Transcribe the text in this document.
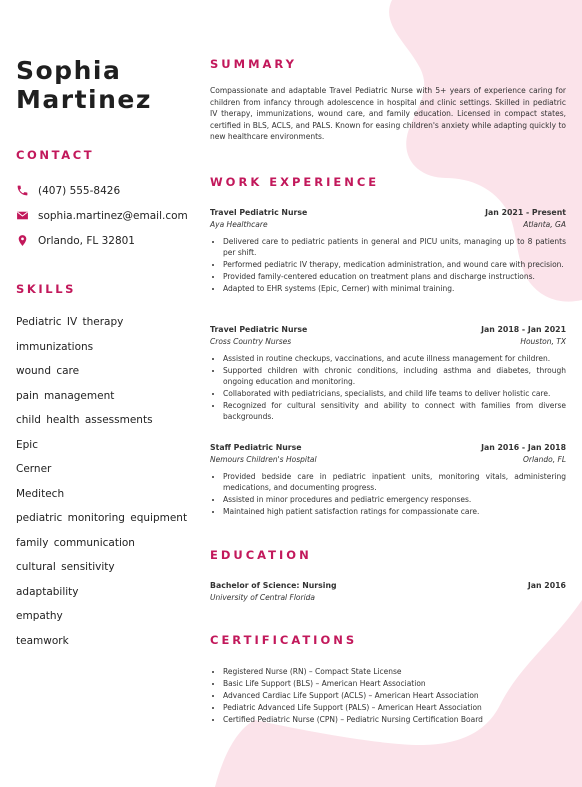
Sophia
Martinez
CONTACT
(407) 555-8426
sophia.martinez@email.com
Orlando, FL 32801
SKILLS
Pediatric IV therapy
immunizations
wound care
pain management
child health assessments
Epic
Cerner
Meditech
pediatric monitoring equipment
family communication
cultural sensitivity
adaptability
empathy
teamwork
SUMMARY
Compassionate and adaptable Travel Pediatric Nurse with 5+ years of experience caring for children from infancy through adolescence in hospital and clinic settings. Skilled in pediatric IV therapy, immunizations, wound care, and family education. Licensed in compact states, certified in BLS, ACLS, and PALS. Known for easing children's anxiety while adapting quickly to new healthcare environments.
WORK EXPERIENCE
Travel Pediatric Nurse	Jan 2021 - Present
Aya Healthcare	Atlanta, GA
• Delivered care to pediatric patients in general and PICU units, managing up to 8 patients per shift.
• Performed pediatric IV therapy, medication administration, and wound care with precision.
• Provided family-centered education on treatment plans and discharge instructions.
• Adapted to EHR systems (Epic, Cerner) with minimal training.
Travel Pediatric Nurse	Jan 2018 - Jan 2021
Cross Country Nurses	Houston, TX
• Assisted in routine checkups, vaccinations, and acute illness management for children.
• Supported children with chronic conditions, including asthma and diabetes, through ongoing education and monitoring.
• Collaborated with pediatricians, specialists, and child life teams to deliver holistic care.
• Recognized for cultural sensitivity and ability to connect with families from diverse backgrounds.
Staff Pediatric Nurse	Jan 2016 - Jan 2018
Nemours Children's Hospital	Orlando, FL
• Provided bedside care in pediatric inpatient units, monitoring vitals, administering medications, and documenting progress.
• Assisted in minor procedures and pediatric emergency responses.
• Maintained high patient satisfaction ratings for compassionate care.
EDUCATION
Bachelor of Science: Nursing	Jan 2016
University of Central Florida
CERTIFICATIONS
• Registered Nurse (RN) – Compact State License
• Basic Life Support (BLS) – American Heart Association
• Advanced Cardiac Life Support (ACLS) – American Heart Association
• Pediatric Advanced Life Support (PALS) – American Heart Association
• Certified Pediatric Nurse (CPN) – Pediatric Nursing Certification Board
